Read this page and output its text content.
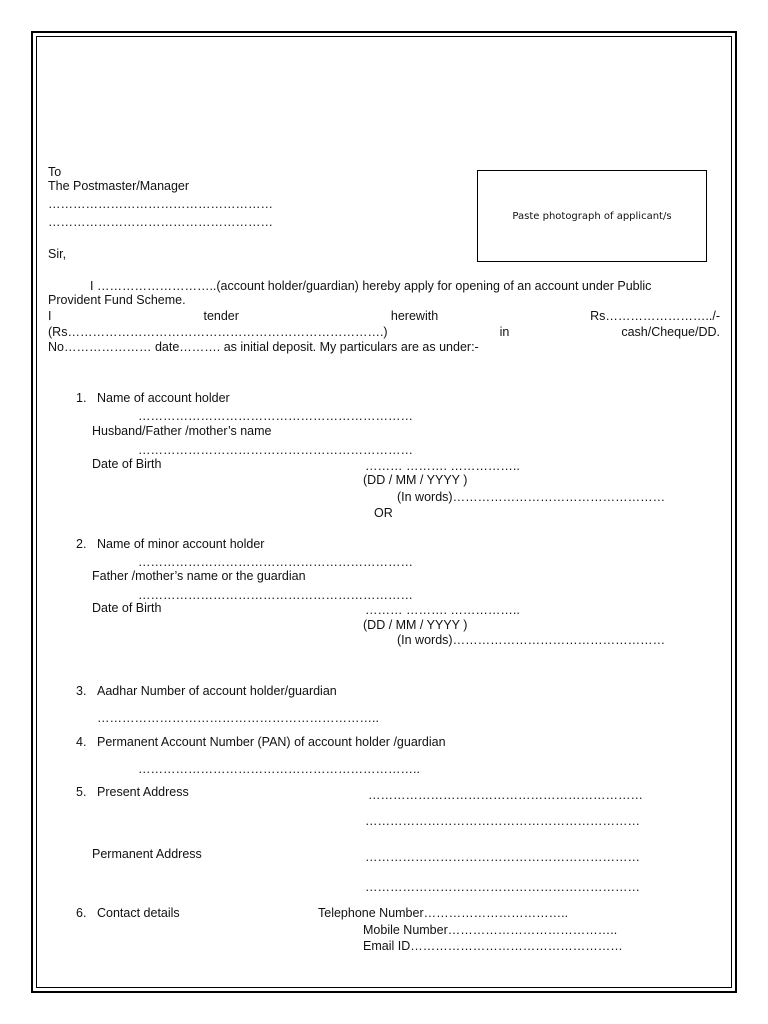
To
The Postmaster/Manager
………………………………………………
………………………………………………
Sir,
Paste photograph of applicant/s
I ………………………..(account holder/guardian) hereby apply for opening of an account under Public
Provident Fund Scheme.
I	tender	herewith	Rs……………………../-
(Rs………………………………………………………………….)	in	cash/Cheque/DD.
No………………… date………. as initial deposit. My particulars are as under:-
1. Name of account holder
…………………………………………………………
Husband/Father /mother’s name
…………………………………………………………
Date of Birth	……… ………. ……………..
(DD / MM / YYYY )
(In words)……………………………………………
OR
2. Name of minor account holder
…………………………………………………………
Father /mother’s name or the guardian
…………………………………………………………
Date of Birth	……… ………. ……………..
(DD / MM / YYYY )
(In words)……………………………………………
3. Aadhar Number of account holder/guardian
…………………………………………………………..
4. Permanent Account Number (PAN) of account holder /guardian
…………………………………………………………..
5. Present Address	…………………………………………………………
…………………………………………………………
Permanent Address	…………………………………………………………
…………………………………………………………
6. Contact details	Telephone Number……………………………..
Mobile Number…………………………………..
Email ID……………………………………………
